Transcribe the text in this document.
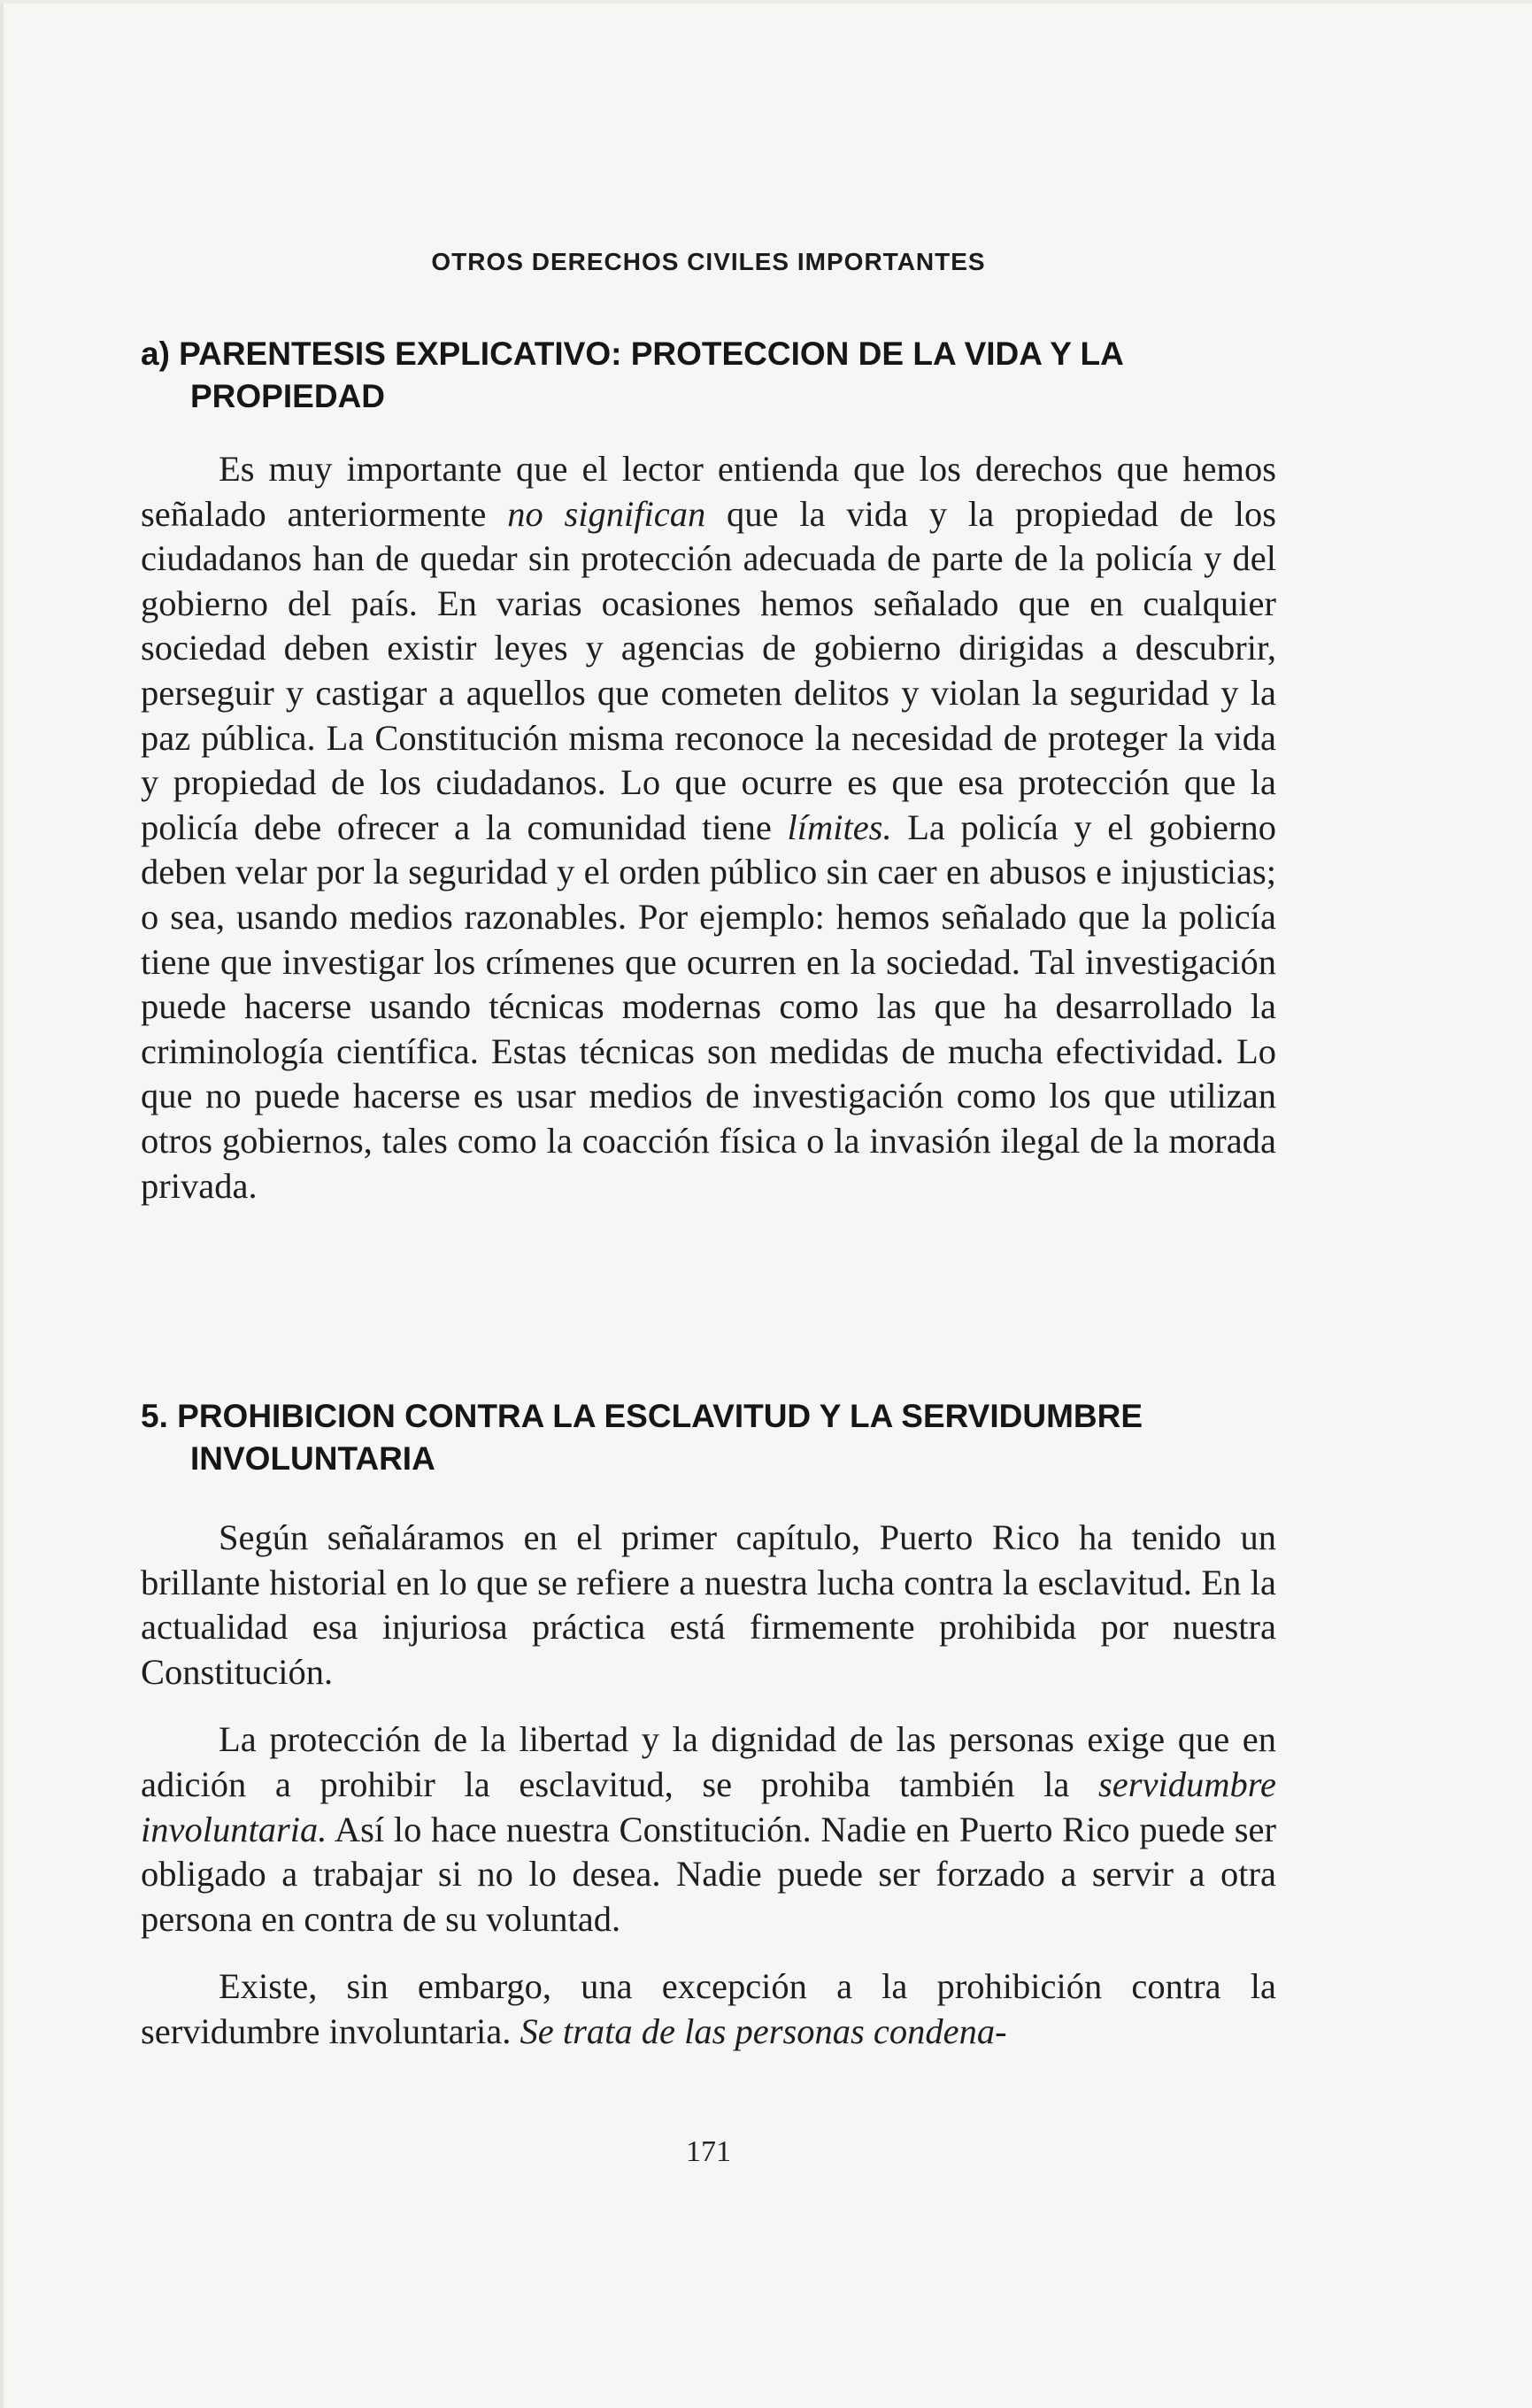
OTROS DERECHOS CIVILES IMPORTANTES

a) PARENTESIS EXPLICATIVO: PROTECCION DE LA VIDA Y LA PROPIEDAD

Es muy importante que el lector entienda que los derechos que hemos señalado anteriormente no significan que la vida y la propiedad de los ciudadanos han de quedar sin protección adecuada de parte de la policía y del gobierno del país. En varias ocasiones hemos señalado que en cualquier sociedad deben existir leyes y agencias de gobierno dirigidas a descubrir, perseguir y castigar a aquellos que cometen delitos y violan la seguridad y la paz pública. La Constitución misma reconoce la necesidad de proteger la vida y propiedad de los ciudadanos. Lo que ocurre es que esa protección que la policía debe ofrecer a la comunidad tiene límites. La policía y el gobierno deben velar por la seguridad y el orden público sin caer en abusos e injusticias; o sea, usando medios razonables. Por ejemplo: hemos señalado que la policía tiene que investigar los crímenes que ocurren en la sociedad. Tal investigación puede hacerse usando técnicas modernas como las que ha desarrollado la criminología científica. Estas técnicas son medidas de mucha efectividad. Lo que no puede hacerse es usar medios de investigación como los que utilizan otros gobiernos, tales como la coacción física o la invasión ilegal de la morada privada.

5. PROHIBICION CONTRA LA ESCLAVITUD Y LA SERVIDUMBRE INVOLUNTARIA

Según señaláramos en el primer capítulo, Puerto Rico ha tenido un brillante historial en lo que se refiere a nuestra lucha contra la esclavitud. En la actualidad esa injuriosa práctica está firmemente prohibida por nuestra Constitución.

La protección de la libertad y la dignidad de las personas exige que en adición a prohibir la esclavitud, se prohiba también la servidumbre involuntaria. Así lo hace nuestra Constitución. Nadie en Puerto Rico puede ser obligado a trabajar si no lo desea. Nadie puede ser forzado a servir a otra persona en contra de su voluntad.

Existe, sin embargo, una excepción a la prohibición contra la servidumbre involuntaria. Se trata de las personas condena-

171
